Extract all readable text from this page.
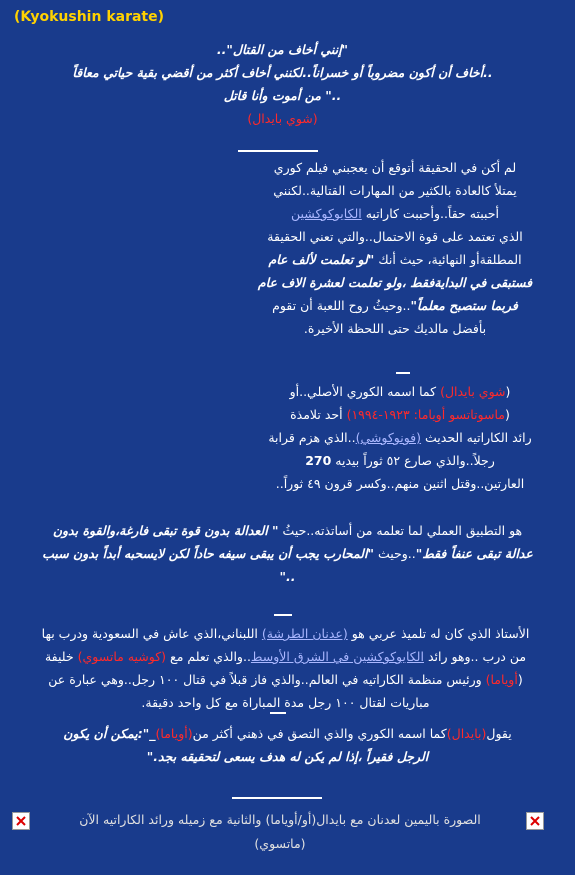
(Kyokushin karate)
"إنني أخاف من القتال"..
..أخاف أن أكون مضروباً أو خسراناً..لكنني أخاف أكثر من أقضي بقية حياتي معاقاً
.." من أموت وأنا قاتل
(شوي بايدال)
لم أكن في الحقيقة أتوقع أن يعجبني فيلم كوري
يمتلأ كالعادة بالكثير من المهارات القتالية..لكنني
أحببته حقاً..وأحببت كاراتيه الكايوكوكشين
الذي تعتمد على قوة الاحتمال..والتي تعني الحقيقة
المطلقةأو النهائية، حيث أنك "لو تعلمت لألف عام
فستبقى في البدايةفقط ،ولو تعلمت لعشرة الاف عام
فربما ستصبح معلماً"..وحيثُ روح اللعبة أن تقوم
بأفضل مالديك حتى اللحظة الأخيرة.
(شوي بايدال) كما اسمه الكوري الأصلي..أو
(ماسوتاتسو أوياما: ١٩٢٣-١٩٩٤) أحد تلامذة
رائد الكاراتيه الحديث (فونوكوشي)..الذي هزم قرابة
رجلاً..والذي صارع ٥٢ ثوراً بيديه 270
العارتين..وقتل اثنين منهم..وكسر قرون ٤٩ ثوراً..
هو التطبيق العملي لما تعلمه من أساتذته..حيثُ " العدالة بدون قوة تبقى فارغة،والقوة بدون
عدالة تبقى عنفاً فقط"..وحيث "المحارب يجب أن يبقى سيفه حاداً لكن لايسحبه أبداً بدون سبب
.."
الأستاذ الذي كان له تلميذ عربي هو (عدنان الطرشة) اللبناني،الذي عاش في السعودية ودرب بها
من درب ..وهو رائد الكايوكوكشين في الشرق الأوسط..والذي تعلم مع (كوشيه ماتسوي) خليفة
(أوياما) ورئيس منظمة الكاراتيه في العالم..والذي فاز قبلاً في قتال ١٠٠ رجل..وهي عبارة عن
مباريات لقتال ١٠٠ رجل مدة المباراة مع كل واحد دقيقة.
يقول(بايدال)كما اسمه الكوري والذي التصق في ذهني أكثر من(أوياما)_":يمكن أن يكون
الرجل فقيراً ،إذا لم يكن له هدف يسعى لتحقيقه بجد."
الصورة باليمين لعدنان مع بايدال(أو/أوياما) والثانية مع زميله ورائد الكاراتيه الآن
(ماتسوي)
